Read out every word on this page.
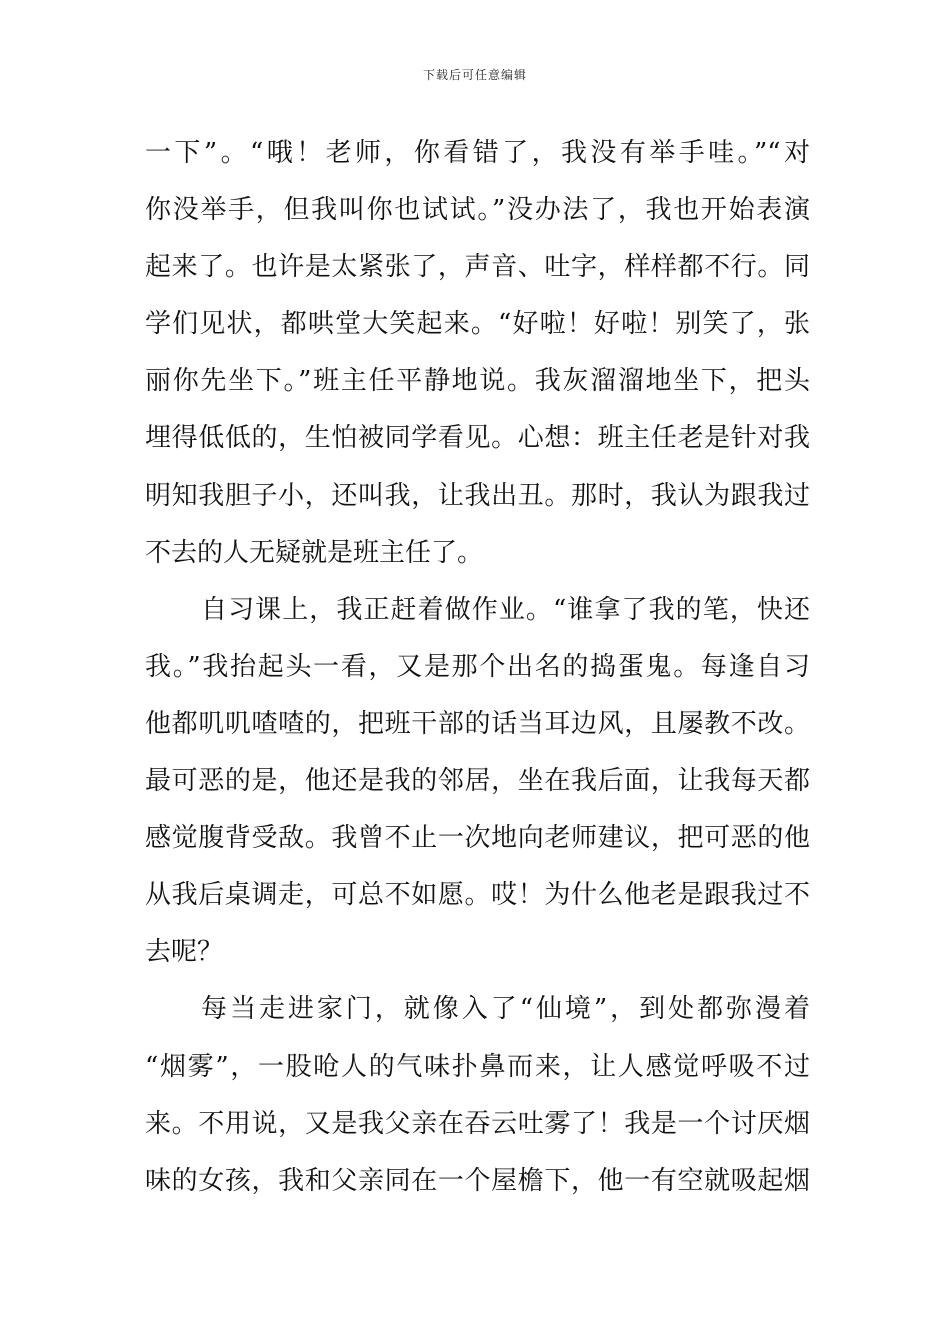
下载后可任意编辑
一下”。“哦！老师，你看错了，我没有举手哇。”“对
你没举手，但我叫你也试试。”没办法了，我也开始表演
起来了。也许是太紧张了，声音、吐字，样样都不行。同
学们见状，都哄堂大笑起来。“好啦！好啦！别笑了，张
丽你先坐下。”班主任平静地说。我灰溜溜地坐下，把头
埋得低低的，生怕被同学看见。心想：班主任老是针对我
明知我胆子小，还叫我，让我出丑。那时，我认为跟我过
不去的人无疑就是班主任了。
自习课上，我正赶着做作业。“谁拿了我的笔，快还
我。”我抬起头一看，又是那个出名的捣蛋鬼。每逢自习
他都叽叽喳喳的，把班干部的话当耳边风，且屡教不改。
最可恶的是，他还是我的邻居，坐在我后面，让我每天都
感觉腹背受敌。我曾不止一次地向老师建议，把可恶的他
从我后桌调走，可总不如愿。哎！为什么他老是跟我过不
去呢？
每当走进家门，就像入了“仙境”，到处都弥漫着
“烟雾”，一股呛人的气味扑鼻而来，让人感觉呼吸不过
来。不用说，又是我父亲在吞云吐雾了！我是一个讨厌烟
味的女孩，我和父亲同在一个屋檐下，他一有空就吸起烟
